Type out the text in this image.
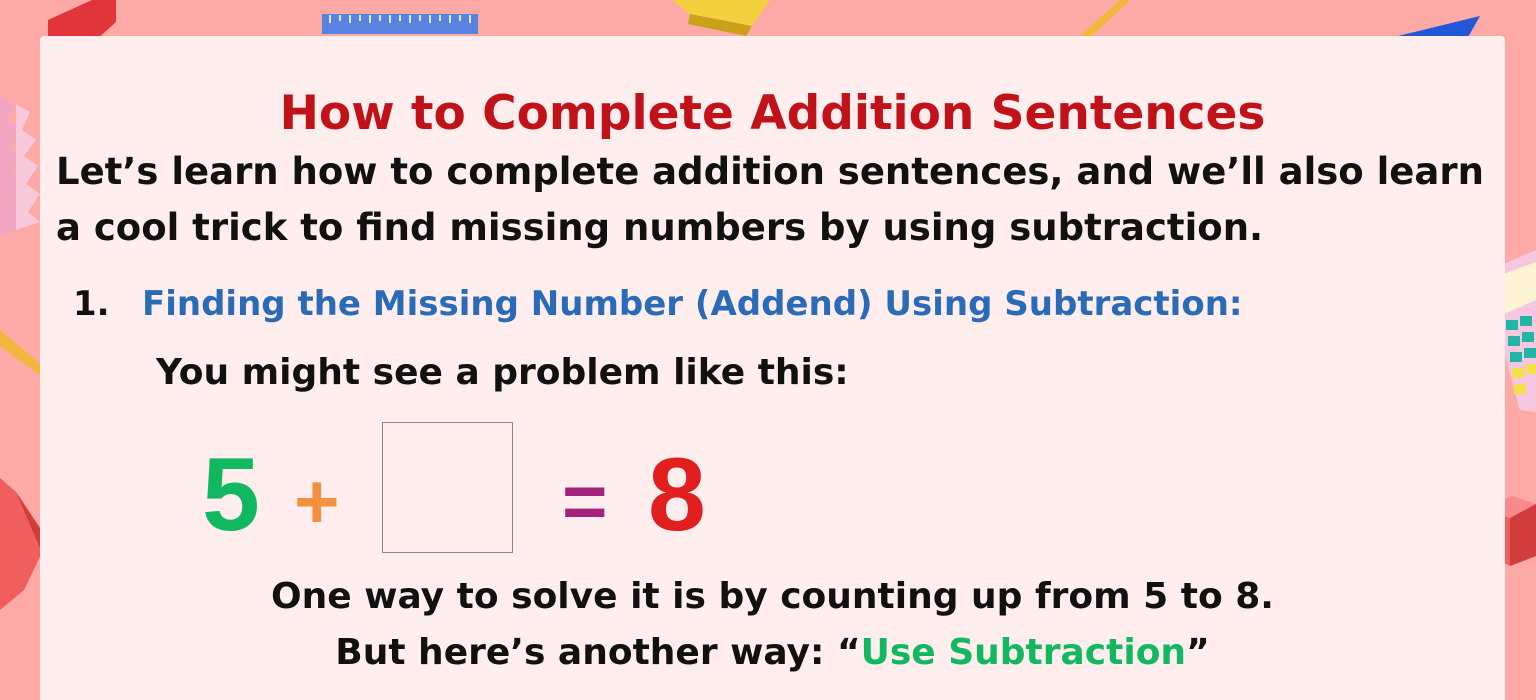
How to Complete Addition Sentences

Let’s learn how to complete addition sentences, and we’ll also learn a cool trick to find missing numbers by using subtraction.

1. Finding the Missing Number (Addend) Using Subtraction:
You might see a problem like this:
5 +	= 8

One way to solve it is by counting up from 5 to 8.

But here’s another way: “Use Subtraction”
